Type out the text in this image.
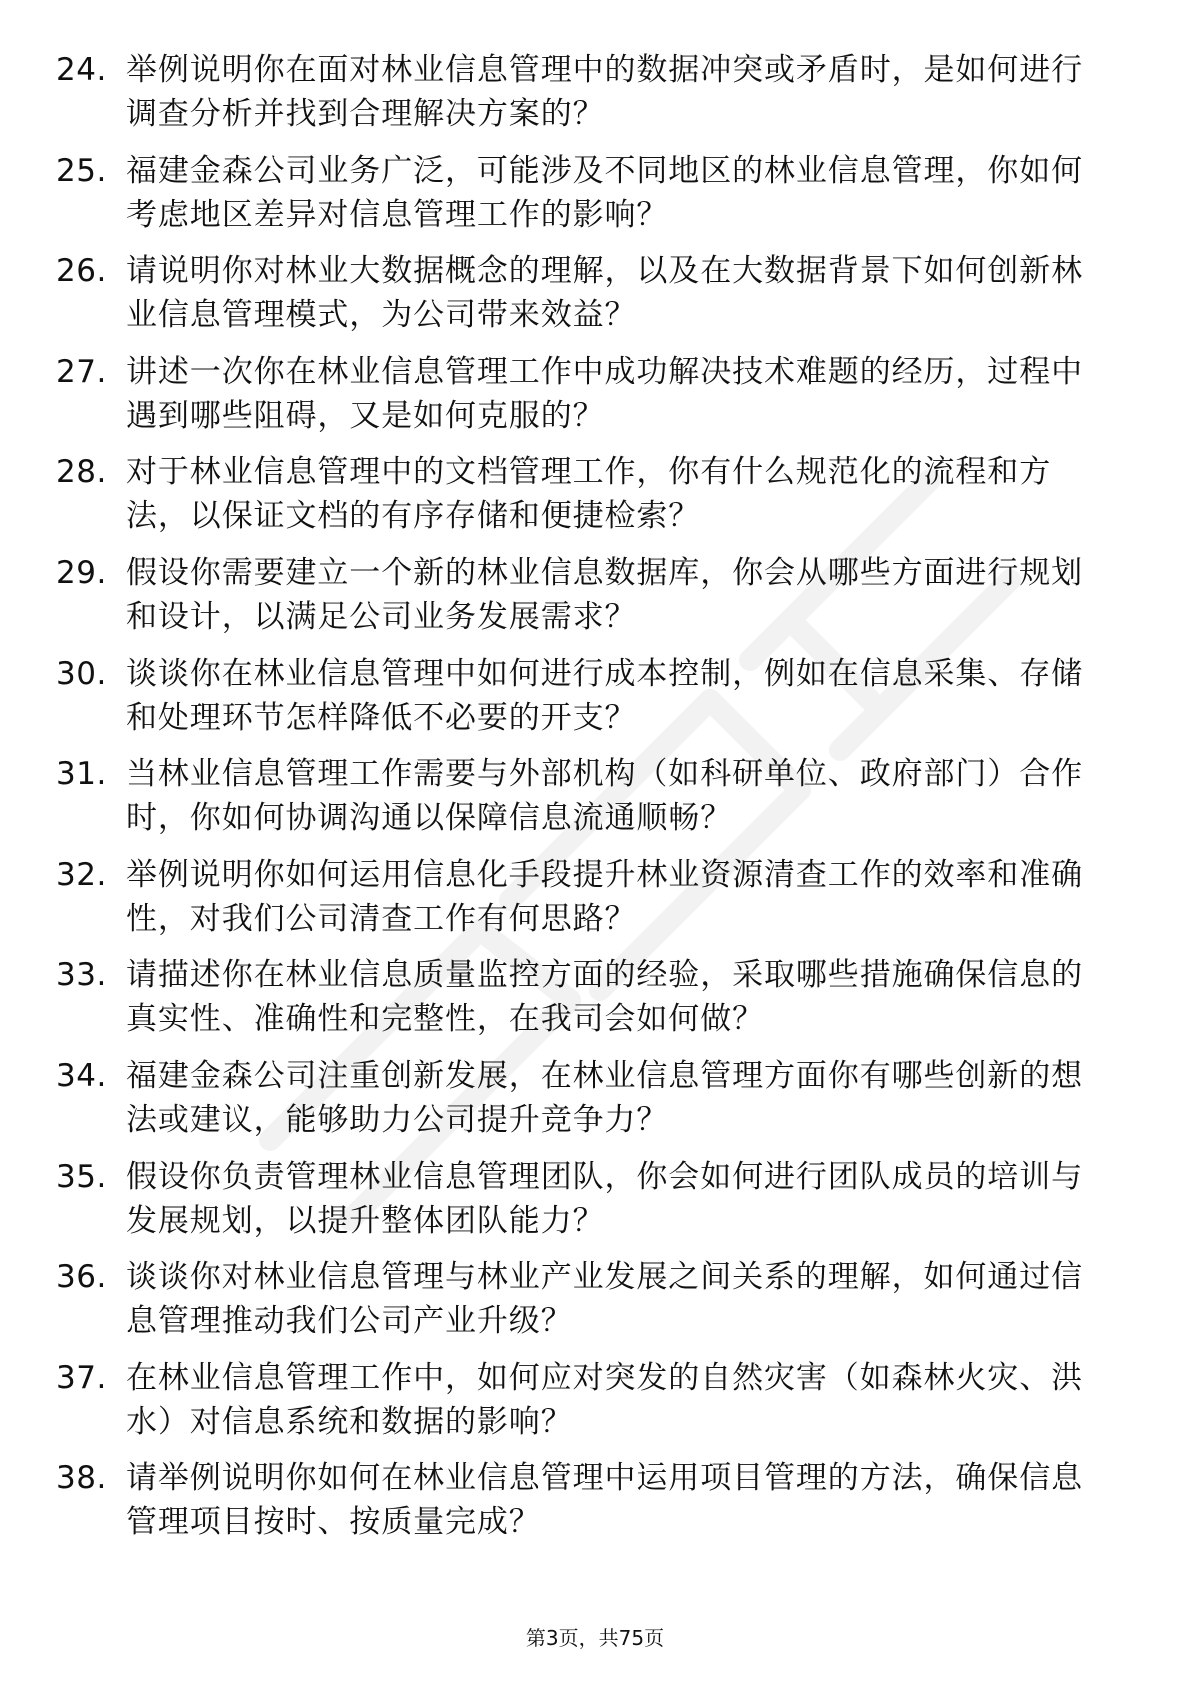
24. 举例说明你在面对林业信息管理中的数据冲突或矛盾时，是如何进行调查分析并找到合理解决方案的？
25. 福建金森公司业务广泛，可能涉及不同地区的林业信息管理，你如何考虑地区差异对信息管理工作的影响？
26. 请说明你对林业大数据概念的理解，以及在大数据背景下如何创新林业信息管理模式，为公司带来效益？
27. 讲述一次你在林业信息管理工作中成功解决技术难题的经历，过程中遇到哪些阻碍，又是如何克服的？
28. 对于林业信息管理中的文档管理工作，你有什么规范化的流程和方法，以保证文档的有序存储和便捷检索？
29. 假设你需要建立一个新的林业信息数据库，你会从哪些方面进行规划和设计，以满足公司业务发展需求？
30. 谈谈你在林业信息管理中如何进行成本控制，例如在信息采集、存储和处理环节怎样降低不必要的开支？
31. 当林业信息管理工作需要与外部机构（如科研单位、政府部门）合作时，你如何协调沟通以保障信息流通顺畅？
32. 举例说明你如何运用信息化手段提升林业资源清查工作的效率和准确性，对我们公司清查工作有何思路？
33. 请描述你在林业信息质量监控方面的经验，采取哪些措施确保信息的真实性、准确性和完整性，在我司会如何做？
34. 福建金森公司注重创新发展，在林业信息管理方面你有哪些创新的想法或建议，能够助力公司提升竞争力？
35. 假设你负责管理林业信息管理团队，你会如何进行团队成员的培训与发展规划，以提升整体团队能力？
36. 谈谈你对林业信息管理与林业产业发展之间关系的理解，如何通过信息管理推动我们公司产业升级？
37. 在林业信息管理工作中，如何应对突发的自然灾害（如森林火灾、洪水）对信息系统和数据的影响？
38. 请举例说明你如何在林业信息管理中运用项目管理的方法，确保信息管理项目按时、按质量完成？
第3页，共75页
